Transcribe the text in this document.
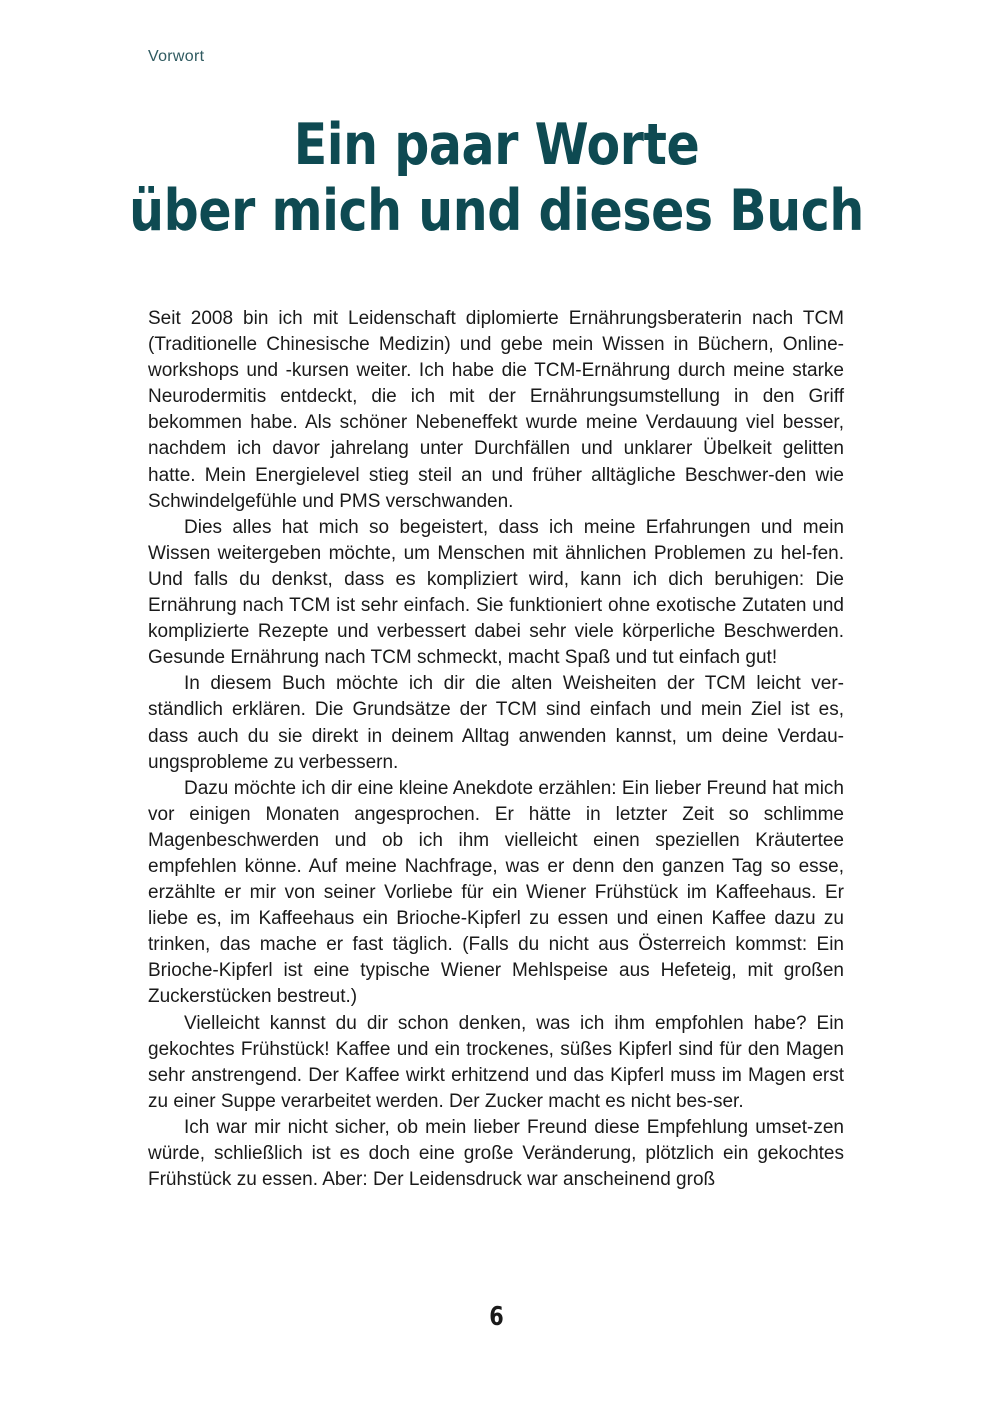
Vorwort
Ein paar Worte
über mich und dieses Buch

Seit 2008 bin ich mit Leidenschaft diplomierte Ernährungsberaterin nach TCM (Traditionelle Chinesische Medizin) und gebe mein Wissen in Büchern, Online-workshops und -kursen weiter. Ich habe die TCM-Ernährung durch meine starke Neurodermitis entdeckt, die ich mit der Ernährungsumstellung in den Griff bekommen habe. Als schöner Nebeneffekt wurde meine Verdauung viel besser, nachdem ich davor jahrelang unter Durchfällen und unklarer Übelkeit gelitten hatte. Mein Energielevel stieg steil an und früher alltägliche Beschwer-den wie Schwindelgefühle und PMS verschwanden.

Dies alles hat mich so begeistert, dass ich meine Erfahrungen und mein Wissen weitergeben möchte, um Menschen mit ähnlichen Problemen zu hel-fen. Und falls du denkst, dass es kompliziert wird, kann ich dich beruhigen: Die Ernährung nach TCM ist sehr einfach. Sie funktioniert ohne exotische Zutaten und komplizierte Rezepte und verbessert dabei sehr viele körperliche Beschwerden. Gesunde Ernährung nach TCM schmeckt, macht Spaß und tut einfach gut!

In diesem Buch möchte ich dir die alten Weisheiten der TCM leicht ver-ständlich erklären. Die Grundsätze der TCM sind einfach und mein Ziel ist es, dass auch du sie direkt in deinem Alltag anwenden kannst, um deine Verdau-ungsprobleme zu verbessern.

Dazu möchte ich dir eine kleine Anekdote erzählen: Ein lieber Freund hat mich vor einigen Monaten angesprochen. Er hätte in letzter Zeit so schlimme Magenbeschwerden und ob ich ihm vielleicht einen speziellen Kräutertee empfehlen könne. Auf meine Nachfrage, was er denn den ganzen Tag so esse, erzählte er mir von seiner Vorliebe für ein Wiener Frühstück im Kaffeehaus. Er liebe es, im Kaffeehaus ein Brioche-Kipferl zu essen und einen Kaffee dazu zu trinken, das mache er fast täglich. (Falls du nicht aus Österreich kommst: Ein Brioche-Kipferl ist eine typische Wiener Mehlspeise aus Hefeteig, mit großen Zuckerstücken bestreut.)

Vielleicht kannst du dir schon denken, was ich ihm empfohlen habe? Ein gekochtes Frühstück! Kaffee und ein trockenes, süßes Kipferl sind für den Magen sehr anstrengend. Der Kaffee wirkt erhitzend und das Kipferl muss im Magen erst zu einer Suppe verarbeitet werden. Der Zucker macht es nicht bes-ser.

Ich war mir nicht sicher, ob mein lieber Freund diese Empfehlung umset-zen würde, schließlich ist es doch eine große Veränderung, plötzlich ein gekochtes Frühstück zu essen. Aber: Der Leidensdruck war anscheinend groß

6
